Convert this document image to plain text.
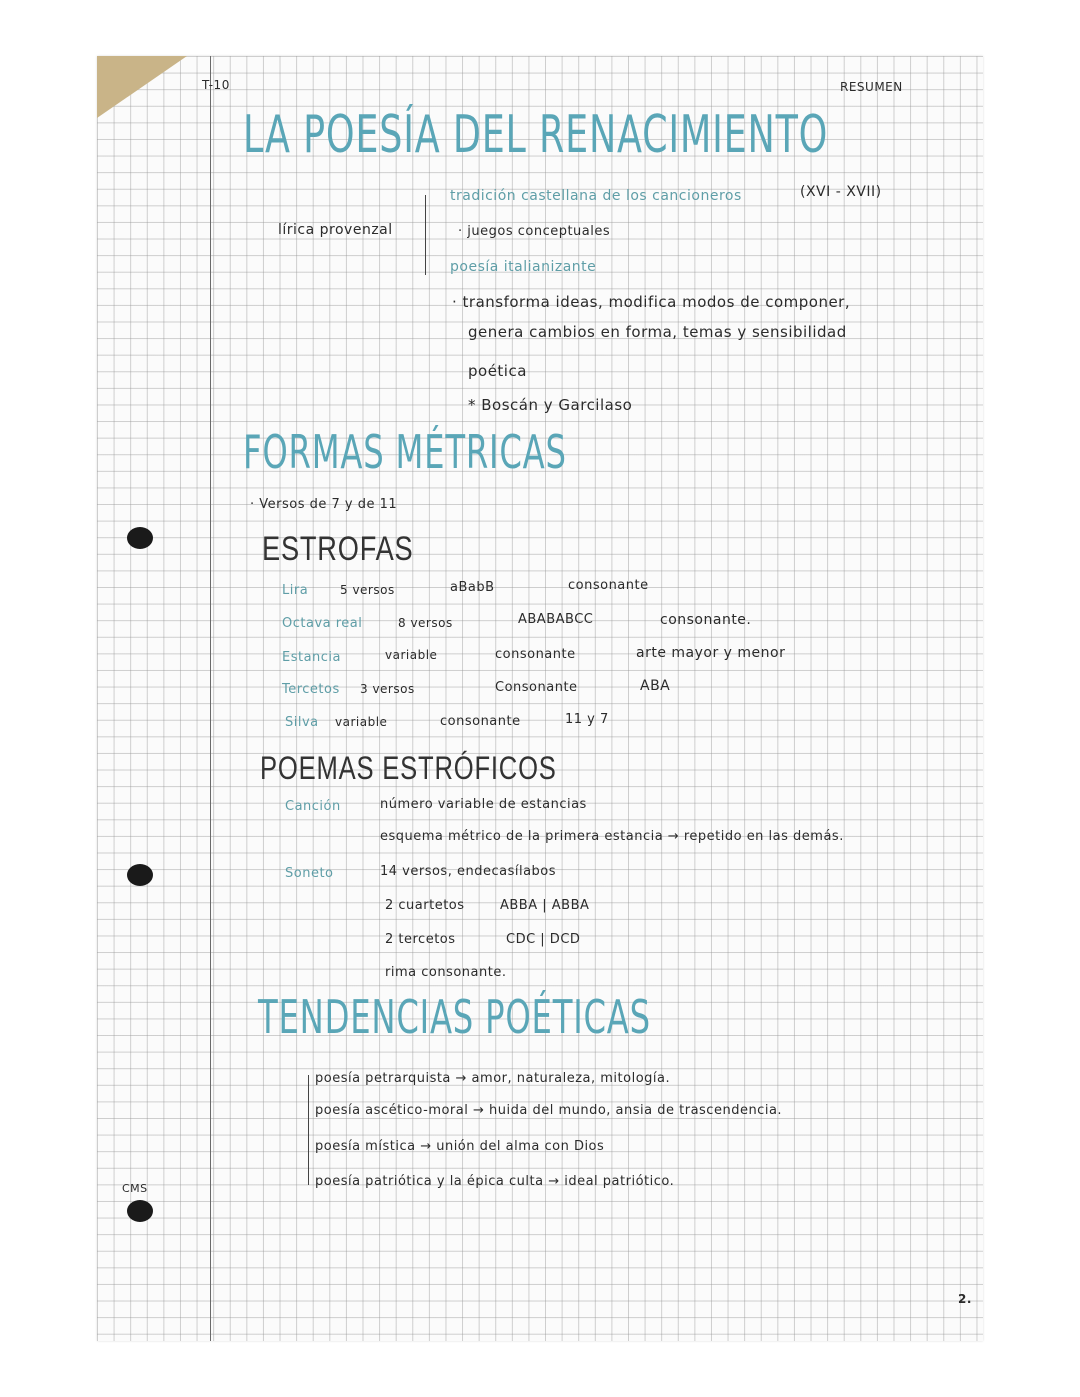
T-10	RESUMEN
LA POESÍA DEL RENACIMIENTO
lírica provenzal
tradición castellana de los cancioneros	(XVI - XVII)
· juegos conceptuales
poesía italianizante
· transforma ideas, modifica modos de componer,
genera cambios en forma, temas y sensibilidad
poética
* Boscán y Garcilaso
FORMAS MÉTRICAS
· Versos de 7 y de 11
ESTROFAS
Lira	5 versos	aBabB	consonante
Octava real	8 versos	ABABABCC	consonante.
Estancia	variable	consonante	arte mayor y menor
Tercetos 3 versos	Consonante	ABA
Silva variable	consonante	11 y 7
POEMAS ESTRÓFICOS
Canción	número variable de estancias
esquema métrico de la primera estancia → repetido en las demás.
Soneto	14 versos, endecasílabos
2 cuartetos	ABBA | ABBA
2 tercetos	CDC | DCD
rima consonante.
TENDENCIAS POÉTICAS
poesía petrarquista → amor, naturaleza, mitología.
poesía ascético-moral → huida del mundo, ansia de trascendencia.
poesía mística → unión del alma con Dios
poesía patriótica y la épica culta → ideal patriótico.
CMS
2.
